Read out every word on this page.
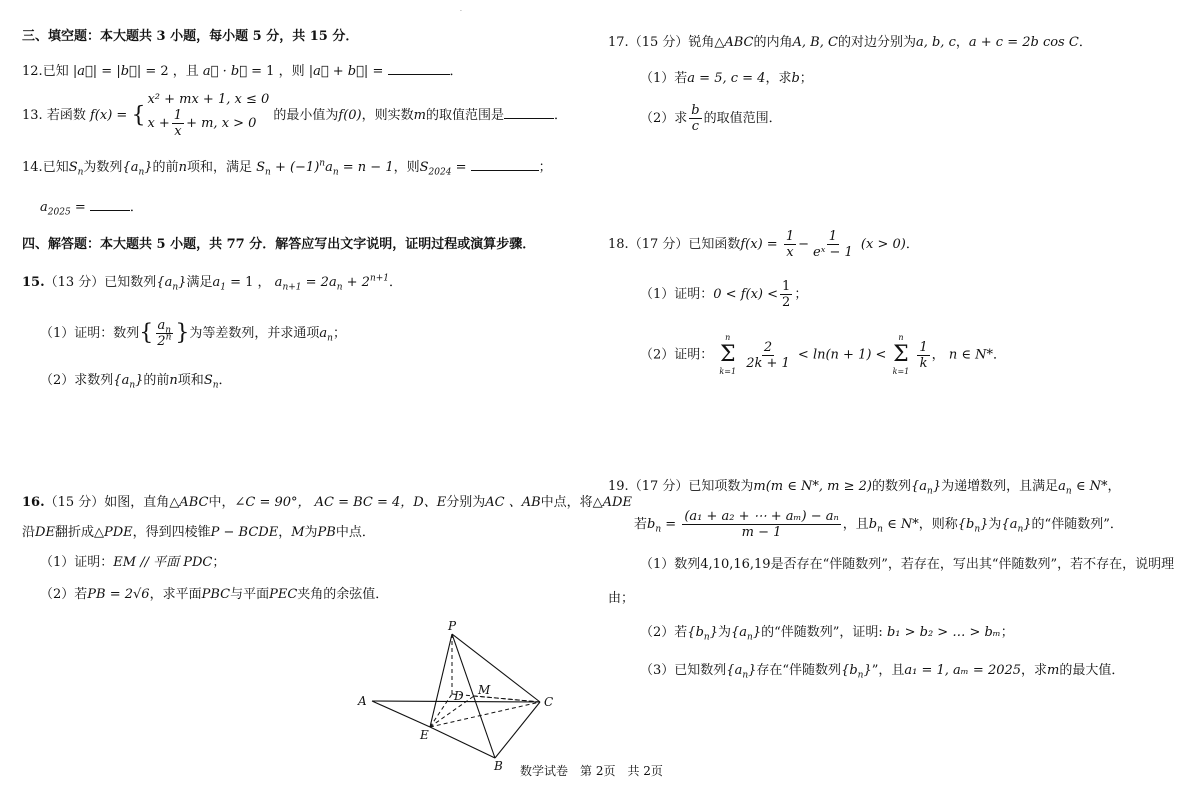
·
三、填空题：本大题共 3 小题，每小题 5 分，共 15 分．
12.已知 |a⃗| = |b⃗| = 2 ，且 a⃗ · b⃗ = 1 ，则 |a⃗ + b⃗| =	．
13. 若函数 f(x) = {
x² + mx + 1, x ≤ 0
$x + \frac{1}{x} + m$, x > 0
的最小值为f(0)，则实数m的取值范围是	．
14.已知$S_n$为数列$\{a_n\}$的前n项和，满足 $S_n + (-1)^na_n = n - 1$，则$S_{2024}$ =	；
$a_{2025}$ =	．
四、解答题：本大题共 5 小题，共 77 分．解答应写出文字说明，证明过程或演算步骤．
15.（13 分）已知数列$\{a_n\}$满足$a_1 = 1$ ， $a_{n+1} = 2a_n + 2^{n+1}$．
（1）证明：数列{ $\frac{a_n}{2^n}$ }为等差数列，并求通项$a_n$；
（2）求数列$\{a_n\}$的前n项和$S_n$．
16.（15 分）如图，直角△ABC中，∠C = 90°， AC = BC = 4，D、E分别为AC 、AB中点，将△ADE
沿DE翻折成△PDE，得到四棱锥P − BCDE，M为PB中点．
（1）证明：EM // 平面 PDC；
（2）若PB = 2√6，求平面PBC与平面PEC夹角的余弦值．
P
A	D M
C
E
B
17.（15 分）锐角△ABC的内角A, B, C的对边分别为a, b, c，a + c = 2b cos C．
（1）若a = 5, c = 4，求b；
（2）求 $\frac{b}{c}$ 的取值范围．
18.（17 分）已知函数$f(x) = \frac{1}{x} - \frac{1}{\text{eˣ − 1}} (x > 0)$．
（1）证明：$0 < f(x) < \frac{1}{2}$ ；
（2）证明：
n
Σ
k=1

$\frac{2}{2k + 1} < \ln(n + 1)$ <
n
Σ
k=1

$\frac{1}{k}$ ， n ∈ N*．
19.（17 分）已知项数为m(m ∈ N*, m ≥ 2)的数列$\{a_n\}$为递增数列，且满足$a_n$ ∈ N*，
若$b_n = \frac{\text{(a₁ + a₂ + ⋯ + aₘ) − aₙ}}{m - 1}$ ，且$b_n$ ∈ N*，则称$\{b_n\}$为$\{a_n\}$的“伴随数列”．
（1）数列4,10,16,19是否存在“伴随数列”，若存在，写出其“伴随数列”，若不存在，说明理
由；
（2）若$\{b_n\}$为$\{a_n\}$的“伴随数列”，证明: b₁ > b₂ > … > bₘ；
（3）已知数列$\{a_n\}$存在“伴随数列$\{b_n\}$”，且a₁ = 1, aₘ = 2025，求m的最大值．
数学试卷　第 2页　共 2页
